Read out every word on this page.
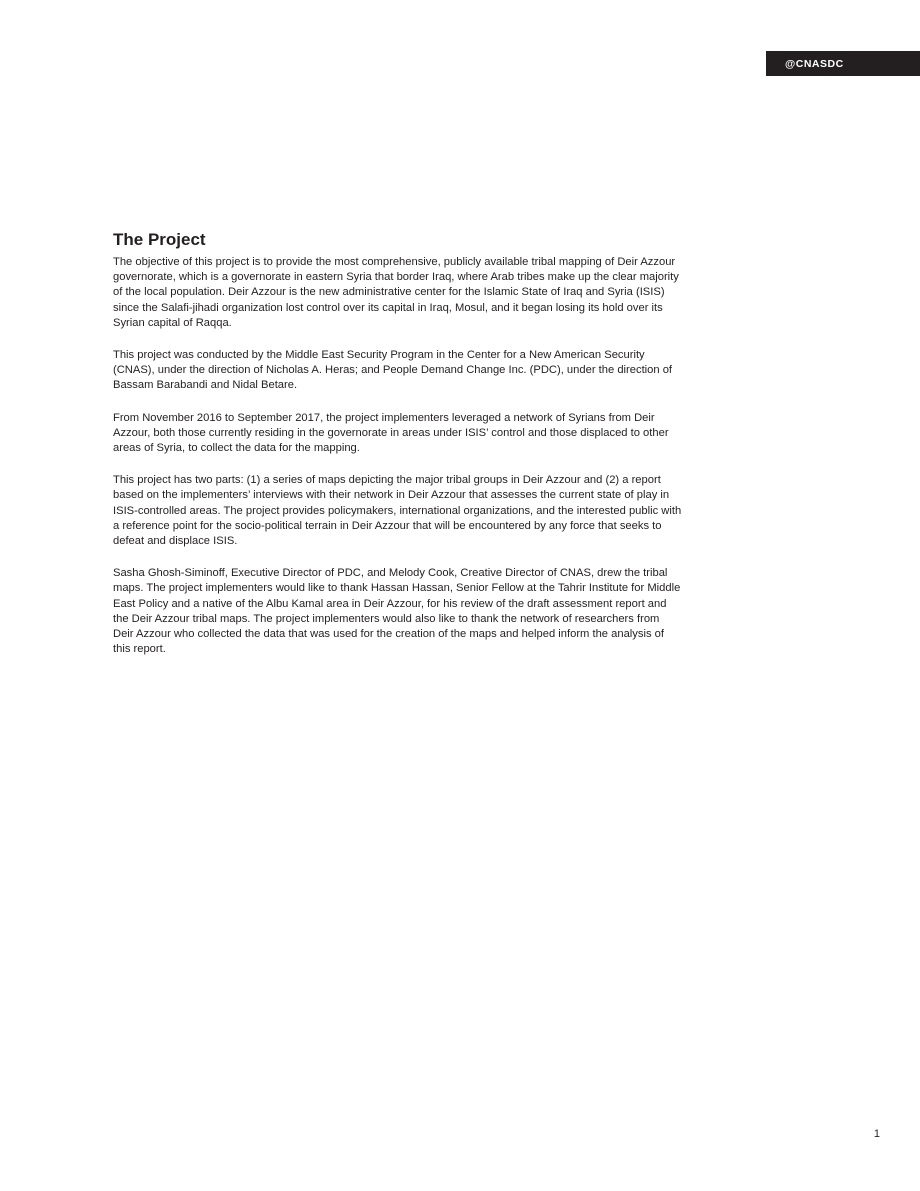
@CNASDC
The Project

The objective of this project is to provide the most comprehensive, publicly available tribal mapping of Deir Azzour
governorate, which is a governorate in eastern Syria that border Iraq, where Arab tribes make up the clear majority
of the local population. Deir Azzour is the new administrative center for the Islamic State of Iraq and Syria (ISIS)
since the Salafi-jihadi organization lost control over its capital in Iraq, Mosul, and it began losing its hold over its
Syrian capital of Raqqa.

This project was conducted by the Middle East Security Program in the Center for a New American Security
(CNAS), under the direction of Nicholas A. Heras; and People Demand Change Inc. (PDC), under the direction of
Bassam Barabandi and Nidal Betare.

From November 2016 to September 2017, the project implementers leveraged a network of Syrians from Deir
Azzour, both those currently residing in the governorate in areas under ISIS’ control and those displaced to other
areas of Syria, to collect the data for the mapping.

This project has two parts: (1) a series of maps depicting the major tribal groups in Deir Azzour and (2) a report
based on the implementers’ interviews with their network in Deir Azzour that assesses the current state of play in
ISIS-controlled areas. The project provides policymakers, international organizations, and the interested public with
a reference point for the socio-political terrain in Deir Azzour that will be encountered by any force that seeks to
defeat and displace ISIS.

Sasha Ghosh-Siminoff, Executive Director of PDC, and Melody Cook, Creative Director of CNAS, drew the tribal
maps. The project implementers would like to thank Hassan Hassan, Senior Fellow at the Tahrir Institute for Middle
East Policy and a native of the Albu Kamal area in Deir Azzour, for his review of the draft assessment report and
the Deir Azzour tribal maps. The project implementers would also like to thank the network of researchers from
Deir Azzour who collected the data that was used for the creation of the maps and helped inform the analysis of
this report.

1
